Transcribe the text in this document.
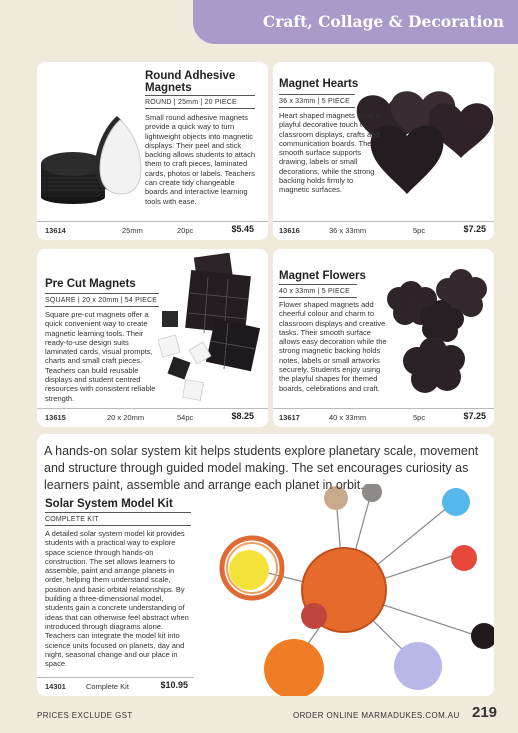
Craft, Collage & Decoration
Round Adhesive Magnets
ROUND | 25mm | 20 PIECE
Small round adhesive magnets provide a quick way to turn lightweight objects into magnetic displays. Their peel and stick backing allows students to attach them to craft pieces, laminated cards, photos or labels. Teachers can create tidy changeable boards and interactive learning tools with ease.
13614	25mm	20pc	$5.45
Magnet Hearts
36 x 33mm | 5 PIECE
Heart shaped magnets bring a playful decorative touch to classroom displays, crafts and communication boards. The smooth surface supports drawing, labels or small decorations, while the strong backing holds firmly to magnetic surfaces.
13616	36 x 33mm	5pc	$7.25
Pre Cut Magnets
SQUARE | 20 x 20mm | 54 PIECE
Square pre-cut magnets offer a quick convenient way to create magnetic learning tools. Their ready-to-use design suits laminated cards, visual prompts, charts and small craft pieces. Teachers can build reusable displays and student centred resources with consistent reliable strength.
13615	20 x 20mm	54pc	$8.25
Magnet Flowers
40 x 33mm | 5 PIECE
Flower shaped magnets add cheerful colour and charm to classroom displays and creative tasks. Their smooth surface allows easy decoration while the strong magnetic backing holds notes, labels or small artworks securely. Students enjoy using the playful shapes for themed boards, celebrations and craft.
13617	40 x 33mm	5pc	$7.25
A hands-on solar system kit helps students explore planetary scale, movement and structure through guided model making. The set encourages curiosity as learners paint, assemble and arrange each planet in orbit.
Solar System Model Kit
COMPLETE KIT
A detailed solar system model kit provides students with a practical way to explore space science through hands-on construction. The set allows learners to assemble, paint and arrange planets in order, helping them understand scale, position and basic orbital relationships. By building a three-dimensional model, students gain a concrete understanding of ideas that can otherwise feel abstract when introduced through diagrams alone. Teachers can integrate the model kit into science units focused on planets, day and night, seasonal change and our place in space.
14301	Complete Kit	$10.95
PRICES EXCLUDE GST	ORDER ONLINE MARMADUKES.COM.AU 219
